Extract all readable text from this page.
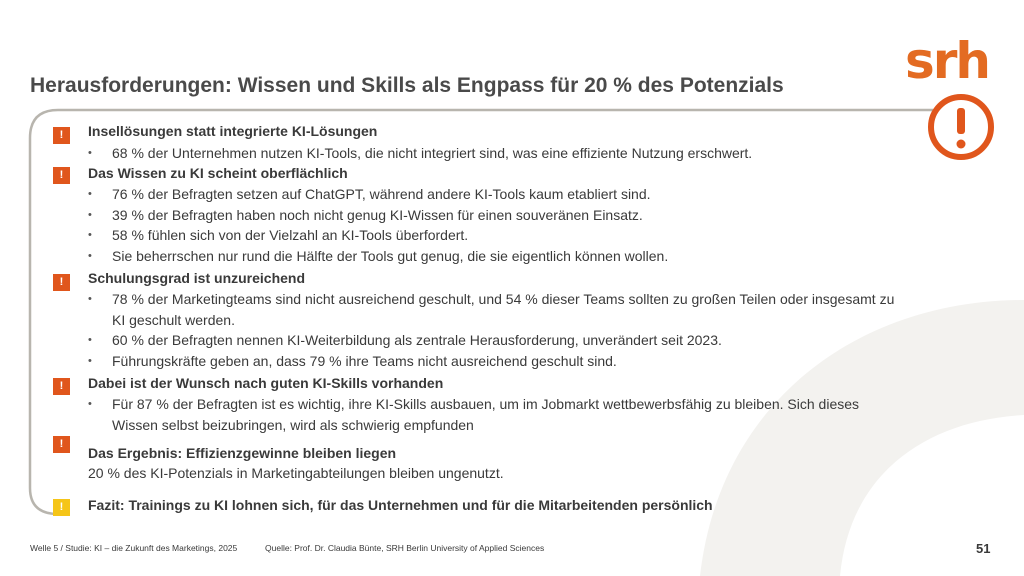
srh
Herausforderungen: Wissen und Skills als Engpass für 20 % des Potenzials
!	Insellösungen statt integrierte KI-Lösungen
• 68 % der Unternehmen nutzen KI-Tools, die nicht integriert sind, was eine effiziente Nutzung erschwert.
!	Das Wissen zu KI scheint oberflächlich
• 76 % der Befragten setzen auf ChatGPT, während andere KI-Tools kaum etabliert sind.
• 39 % der Befragten haben noch nicht genug KI-Wissen für einen souveränen Einsatz.
• 58 % fühlen sich von der Vielzahl an KI-Tools überfordert.
• Sie beherrschen nur rund die Hälfte der Tools gut genug, die sie eigentlich können wollen.
!	Schulungsgrad ist unzureichend
• 78 % der Marketingteams sind nicht ausreichend geschult, und 54 % dieser Teams sollten zu großen Teilen oder insgesamt zu KI geschult werden.
• 60 % der Befragten nennen KI-Weiterbildung als zentrale Herausforderung, unverändert seit 2023.
• Führungskräfte geben an, dass 79 % ihre Teams nicht ausreichend geschult sind.
!	Dabei ist der Wunsch nach guten KI-Skills vorhanden
• Für 87 % der Befragten ist es wichtig, ihre KI-Skills ausbauen, um im Jobmarkt wettbewerbsfähig zu bleiben. Sich dieses Wissen selbst beizubringen, wird als schwierig empfunden
!
Das Ergebnis: Effizienzgewinne bleiben liegen
20 % des KI-Potenzials in Marketingabteilungen bleiben ungenutzt.
!	Fazit: Trainings zu KI lohnen sich, für das Unternehmen und für die Mitarbeitenden persönlich
Welle 5 / Studie: KI – die Zukunft des Marketings, 2025	Quelle: Prof. Dr. Claudia Bünte, SRH Berlin University of Applied Sciences	51
